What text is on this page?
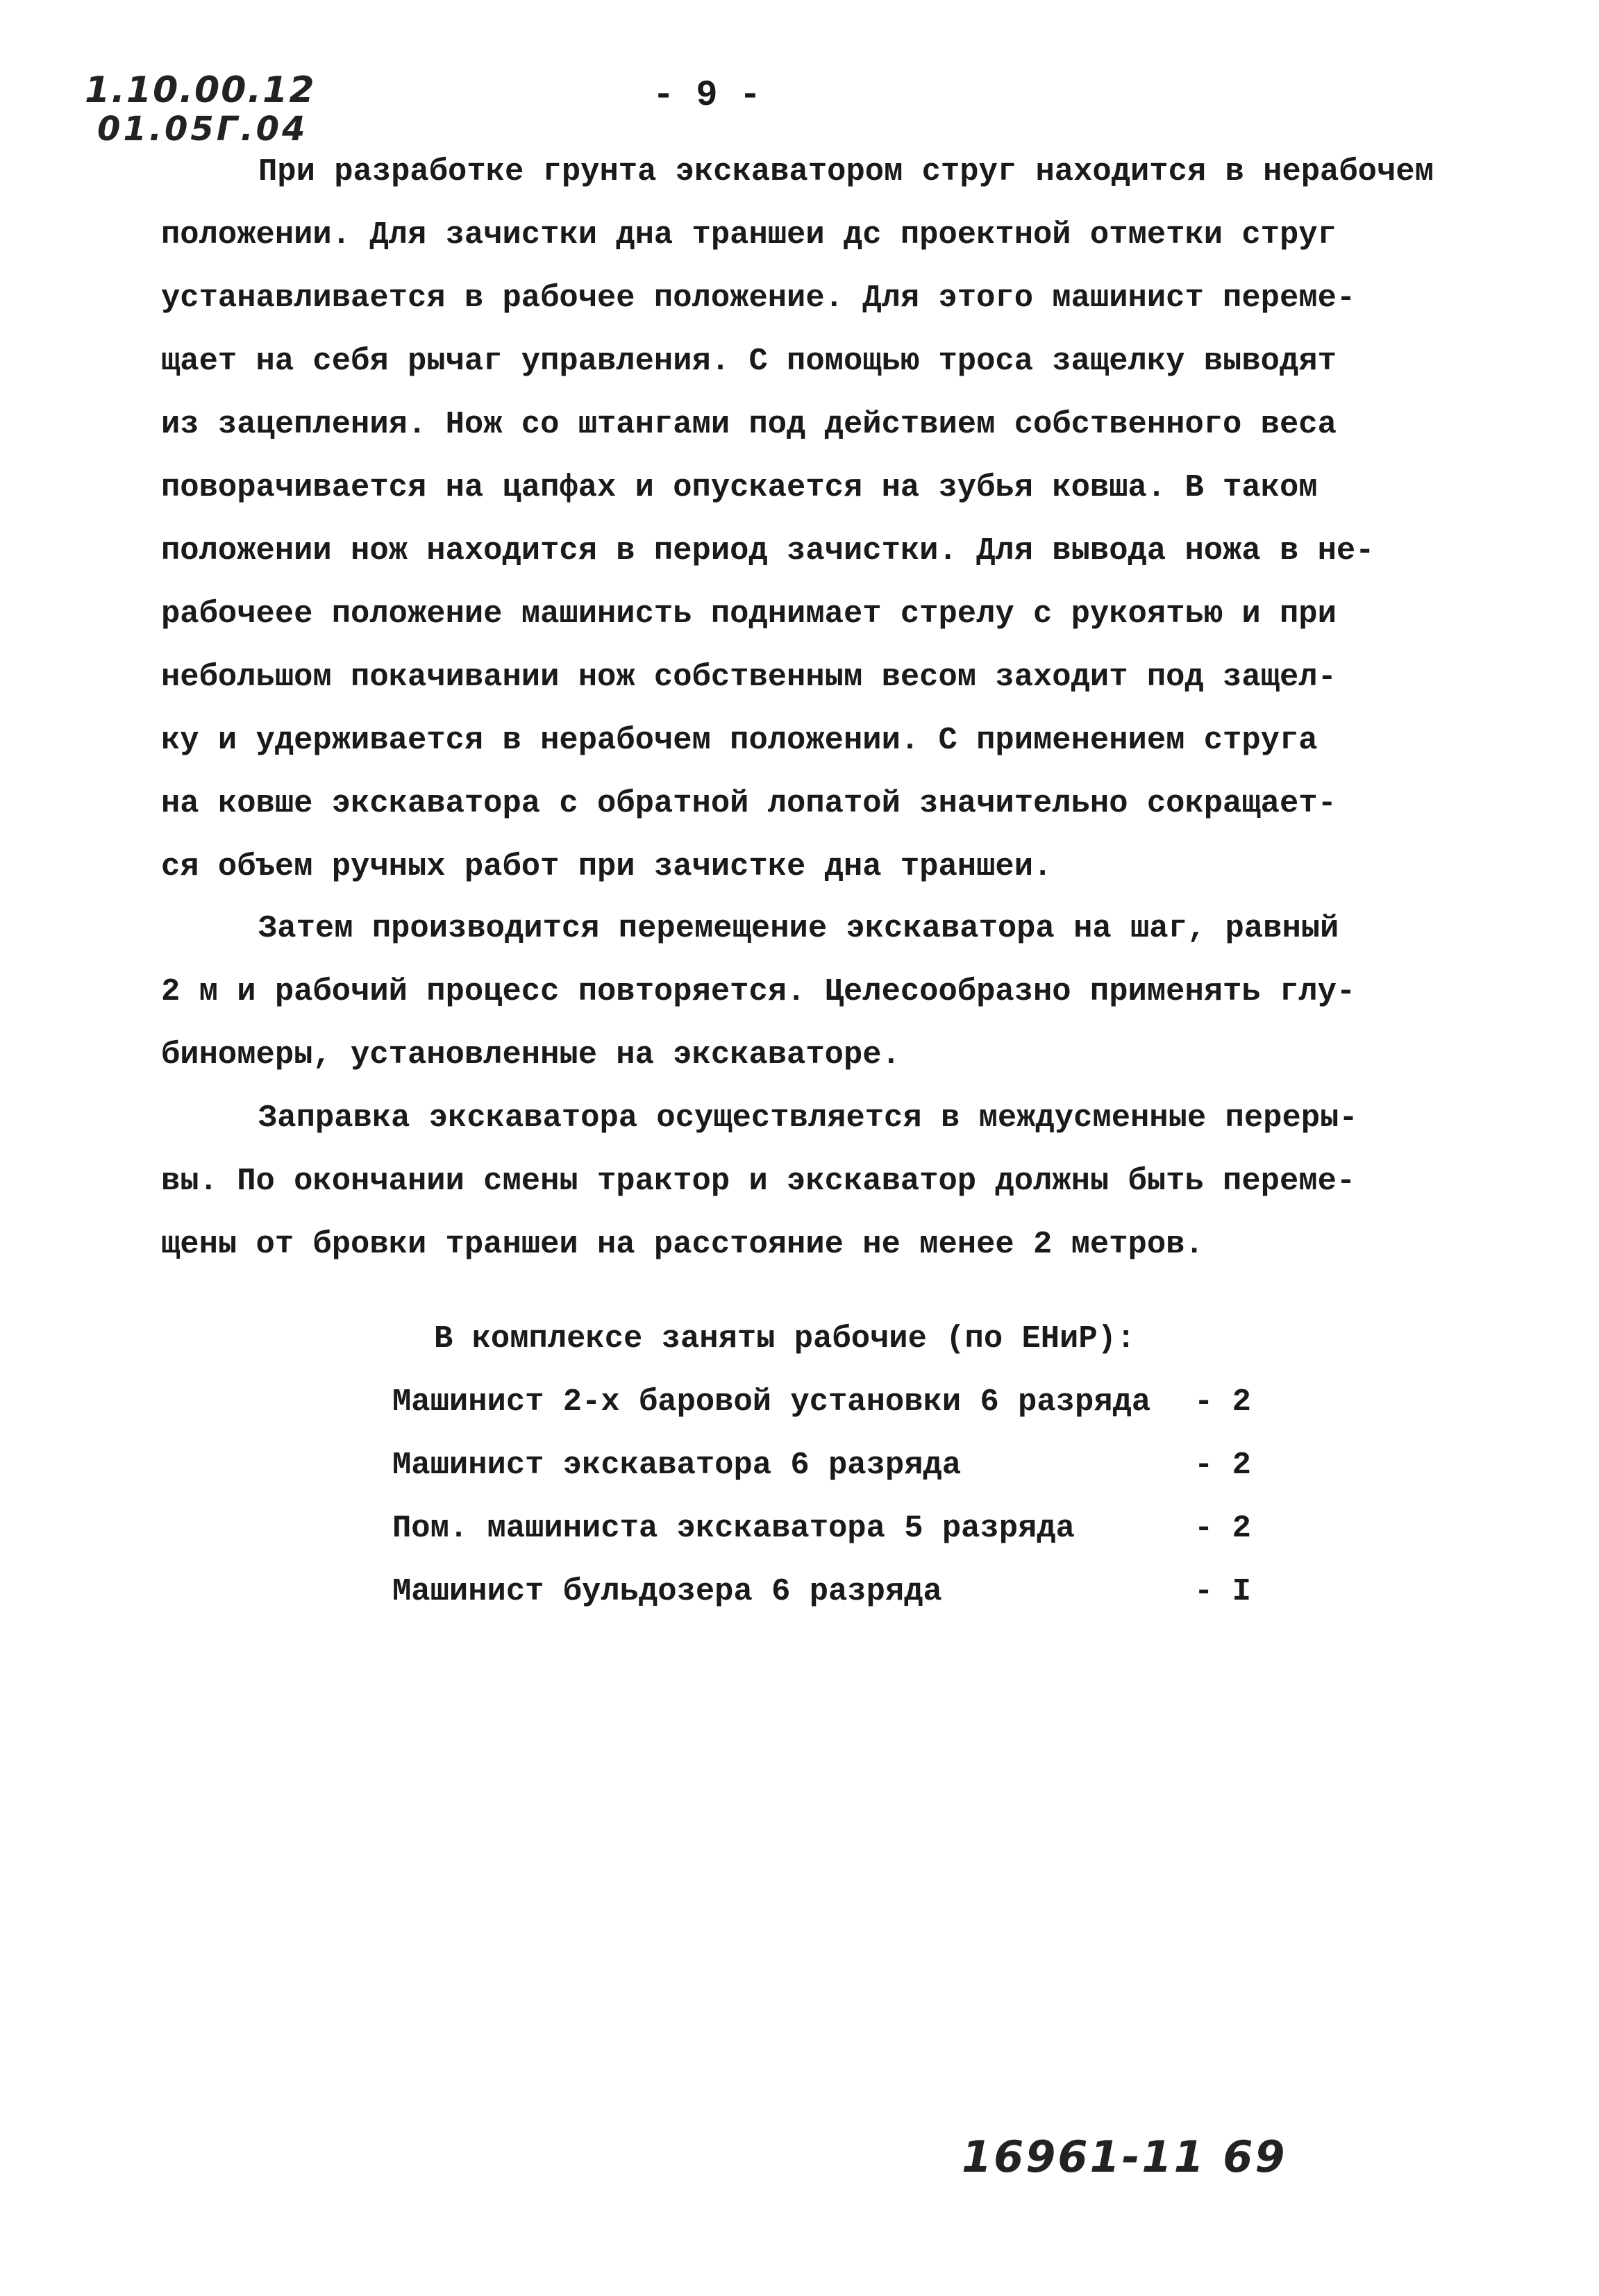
1.10.00.12
01.05Г.04
- 9 -
При разработке грунта экскаватором струг находится в нерабочем
положении. Для зачистки дна траншеи дс проектной отметки струг
устанавливается в рабочее положение. Для этого машинист переме-
щает на себя рычаг управления. С помощью троса защелку выводят
из зацепления. Нож со штангами под действием собственного веса
поворачивается на цапфах и опускается на зубья ковша. В таком
положении нож находится в период зачистки. Для вывода ножа в не-
рабочеее положение машинисть поднимает стрелу с рукоятью и при
небольшом покачивании нож собственным весом заходит под защел-
ку и удерживается в нерабочем положении. С применением струга
на ковше экскаватора с обратной лопатой значительно сокращает-
ся объем ручных работ при зачистке дна траншеи.
Затем производится перемещение экскаватора на шаг, равный
2 м и рабочий процесс повторяется. Целесообразно применять глу-
биномеры, установленные на экскаваторе.
Заправка экскаватора осуществляется в междусменные переры-
вы. По окончании смены трактор и экскаватор должны быть переме-
щены от бровки траншеи на расстояние не менее 2 метров.
В комплексе заняты рабочие (по ЕНиР):
Машинист 2-х баровой установки 6 разряда - 2
Машинист экскаватора 6 разряда	- 2
Пом. машиниста экскаватора 5 разряда	- 2
Машинист бульдозера 6 разряда	- I
16961-11 69
